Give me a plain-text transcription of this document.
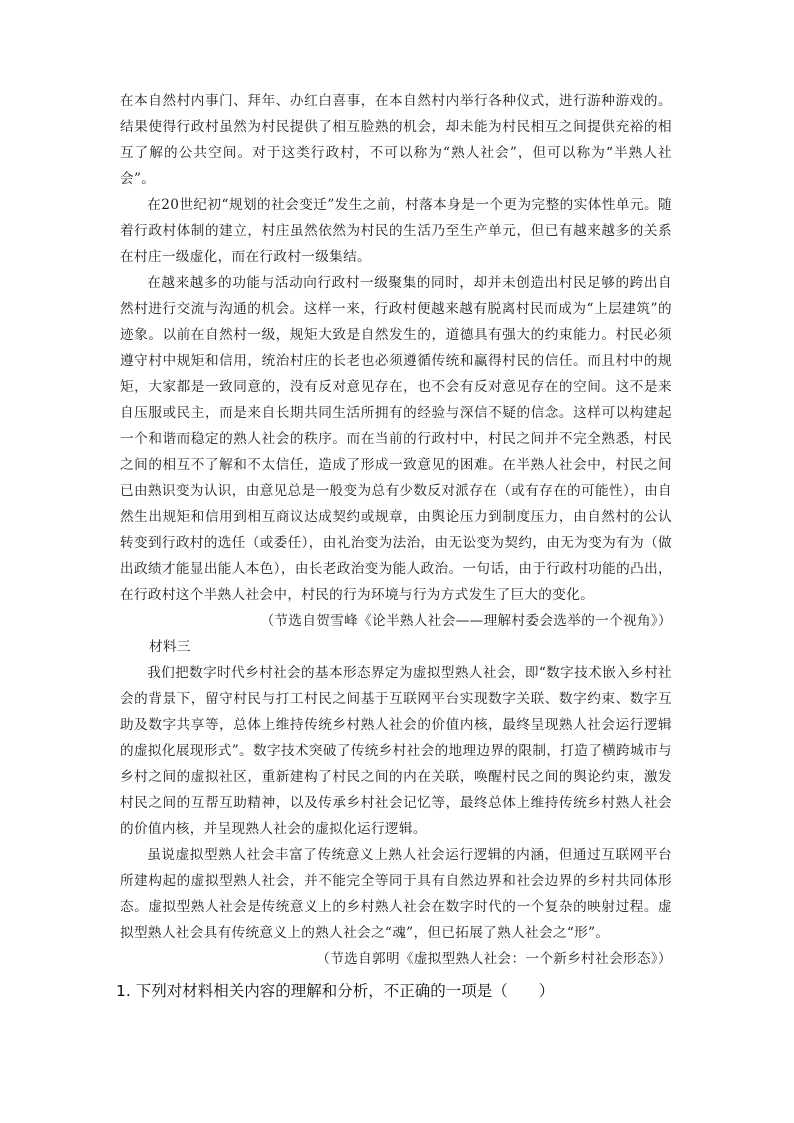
在本自然村内事门、拜年、办红白喜事，在本自然村内举行各种仪式，进行游种游戏的。结果使得行政村虽然为村民提供了相互脸熟的机会，却未能为村民相互之间提供充裕的相互了解的公共空间。对于这类行政村，不可以称为“熟人社会”，但可以称为“半熟人社会”。

在20世纪初“规划的社会变迁”发生之前，村落本身是一个更为完整的实体性单元。随着行政村体制的建立，村庄虽然依然为村民的生活乃至生产单元，但已有越来越多的关系在村庄一级虚化，而在行政村一级集结。

在越来越多的功能与活动向行政村一级聚集的同时，却并未创造出村民足够的跨出自然村进行交流与沟通的机会。这样一来，行政村便越来越有脱离村民而成为“上层建筑”的迹象。以前在自然村一级，规矩大致是自然发生的，道德具有强大的约束能力。村民必须遵守村中规矩和信用，统治村庄的长老也必须遵循传统和赢得村民的信任。而且村中的规矩，大家都是一致同意的，没有反对意见存在，也不会有反对意见存在的空间。这不是来自压服或民主，而是来自长期共同生活所拥有的经验与深信不疑的信念。这样可以构建起一个和谐而稳定的熟人社会的秩序。而在当前的行政村中，村民之间并不完全熟悉，村民之间的相互不了解和不太信任，造成了形成一致意见的困难。在半熟人社会中，村民之间已由熟识变为认识，由意见总是一般变为总有少数反对派存在（或有存在的可能性），由自然生出规矩和信用到相互商议达成契约或规章，由舆论压力到制度压力，由自然村的公认转变到行政村的选任（或委任），由礼治变为法治，由无讼变为契约，由无为变为有为（做出政绩才能显出能人本色），由长老政治变为能人政治。一句话，由于行政村功能的凸出，在行政村这个半熟人社会中，村民的行为环境与行为方式发生了巨大的变化。

（节选自贺雪峰《论半熟人社会——理解村委会选举的一个视角》）

材料三

我们把数字时代乡村社会的基本形态界定为虚拟型熟人社会，即“数字技术嵌入乡村社会的背景下，留守村民与打工村民之间基于互联网平台实现数字关联、数字约束、数字互助及数字共享等，总体上维持传统乡村熟人社会的价值内核，最终呈现熟人社会运行逻辑的虚拟化展现形式”。数字技术突破了传统乡村社会的地理边界的限制，打造了横跨城市与乡村之间的虚拟社区，重新建构了村民之间的内在关联，唤醒村民之间的舆论约束，激发村民之间的互帮互助精神，以及传承乡村社会记忆等，最终总体上维持传统乡村熟人社会的价值内核，并呈现熟人社会的虚拟化运行逻辑。

虽说虚拟型熟人社会丰富了传统意义上熟人社会运行逻辑的内涵，但通过互联网平台所建构起的虚拟型熟人社会，并不能完全等同于具有自然边界和社会边界的乡村共同体形态。虚拟型熟人社会是传统意义上的乡村熟人社会在数字时代的一个复杂的映射过程。虚拟型熟人社会具有传统意义上的熟人社会之“魂”，但已拓展了熟人社会之“形”。

（节选自郭明《虚拟型熟人社会：一个新乡村社会形态》）

1. 下列对材料相关内容的理解和分析，不正确的一项是（　　）
